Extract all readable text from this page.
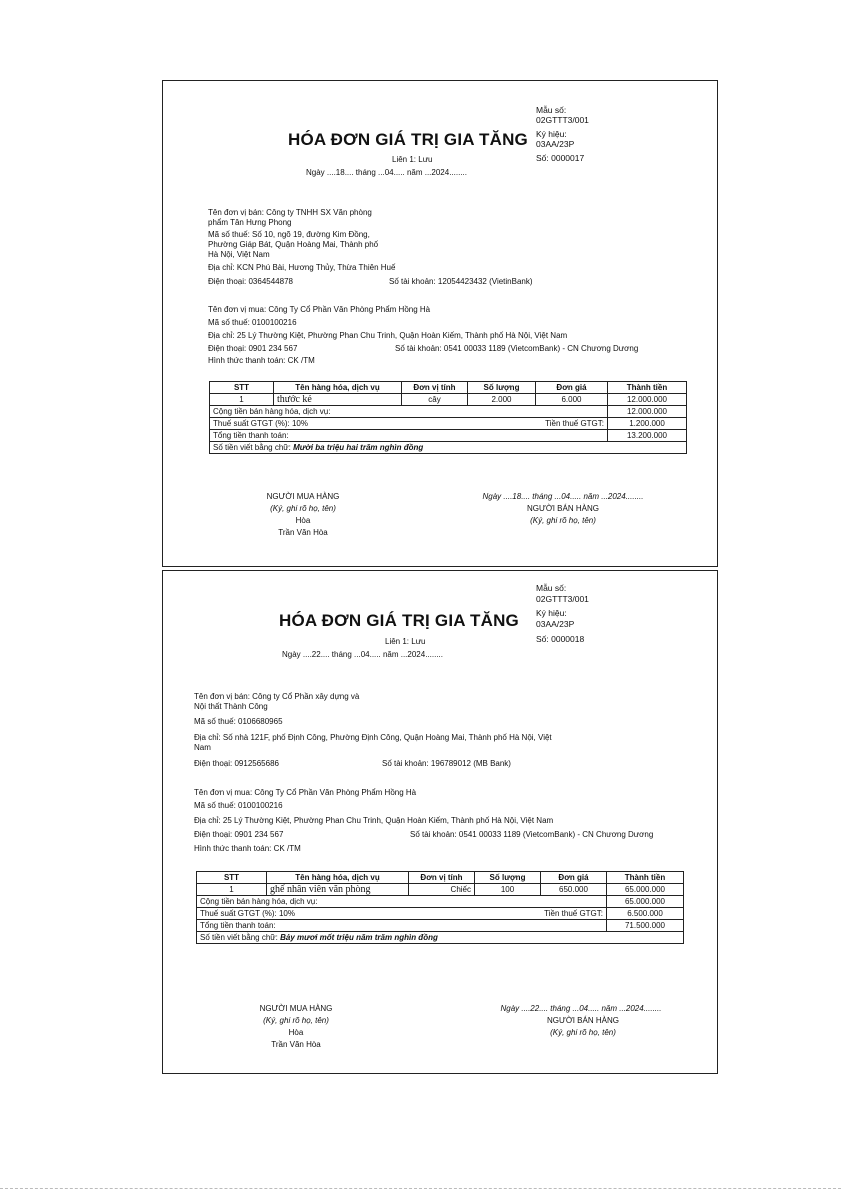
Mẫu số:
02GTTT3/001
Ký hiệu:
03AA/23P
Số: 0000017
HÓA ĐƠN GIÁ TRỊ GIA TĂNG
Liên 1: Lưu
Ngày ....18.... tháng ...04..... năm ...2024........
Tên đơn vị bán: Công ty TNHH SX Văn phòng
phẩm Tân Hưng Phong
Mã số thuế: Số 10, ngõ 19, đường Kim Đồng,
Phường Giáp Bát, Quận Hoàng Mai, Thành phố
Hà Nội, Việt Nam
Địa chỉ: KCN Phú Bài, Hương Thủy, Thừa Thiên Huế
Điện thoại: 0364544878	Số tài khoản: 12054423432 (VietinBank)
Tên đơn vị mua: Công Ty Cổ Phần Văn Phòng Phẩm Hồng Hà
Mã số thuế: 0100100216
Địa chỉ: 25 Lý Thường Kiệt, Phường Phan Chu Trinh, Quận Hoàn Kiếm, Thành phố Hà Nội, Việt Nam
Điện thoại: 0901 234 567	Số tài khoản: 0541 00033 1189 (VietcomBank) - CN Chương Dương
Hình thức thanh toán: CK /TM
STT	Tên hàng hóa, dịch vụ	Đơn vị tính	Số lượng	Đơn giá	Thành tiền
1	thước kẻ	cây	2.000	6.000	12.000.000
Cộng tiền bán hàng hóa, dịch vụ:					12.000.000
Thuế suất GTGT (%): 10%			Tiền thuế GTGT:		1.200.000
Tổng tiền thanh toán:					13.200.000
Số tiền viết bằng chữ: Mười ba triệu hai trăm nghìn đồng					
NGƯỜI MUA HÀNG
(Ký, ghi rõ họ, tên)
Hòa
Trần Văn Hòa
Ngày ....18.... tháng ...04..... năm ...2024........
NGƯỜI BÁN HÀNG
(Ký, ghi rõ họ, tên)
Mẫu số:
02GTTT3/001
Ký hiệu:
03AA/23P
Số: 0000018
HÓA ĐƠN GIÁ TRỊ GIA TĂNG
Liên 1: Lưu
Ngày ....22.... tháng ...04..... năm ...2024........
Tên đơn vị bán: Công ty Cổ Phần xây dựng và
Nội thất Thành Công
Mã số thuế: 0106680965
Địa chỉ: Số nhà 121F, phố Định Công, Phường Định Công, Quận Hoàng Mai, Thành phố Hà Nội, Việt
Nam
Điện thoại: 0912565686	Số tài khoản: 196789012 (MB Bank)
Tên đơn vị mua: Công Ty Cổ Phần Văn Phòng Phẩm Hồng Hà
Mã số thuế: 0100100216
Địa chỉ: 25 Lý Thường Kiệt, Phường Phan Chu Trinh, Quận Hoàn Kiếm, Thành phố Hà Nội, Việt Nam
Điện thoại: 0901 234 567	Số tài khoản: 0541 00033 1189 (VietcomBank) - CN Chương Dương
Hình thức thanh toán: CK /TM
STT	Tên hàng hóa, dịch vụ	Đơn vị tính	Số lượng	Đơn giá	Thành tiền
1	ghế nhân viên văn phòng	Chiếc	100	650.000	65.000.000
Cộng tiền bán hàng hóa, dịch vụ:					65.000.000
Thuế suất GTGT (%): 10%			Tiền thuế GTGT:		6.500.000
Tổng tiền thanh toán:					71.500.000
Số tiền viết bằng chữ: Bảy mươi mốt triệu năm trăm nghìn đồng					
NGƯỜI MUA HÀNG
(Ký, ghi rõ họ, tên)
Hòa
Trần Văn Hòa
Ngày ....22.... tháng ...04..... năm ...2024........
NGƯỜI BÁN HÀNG
(Ký, ghi rõ họ, tên)
